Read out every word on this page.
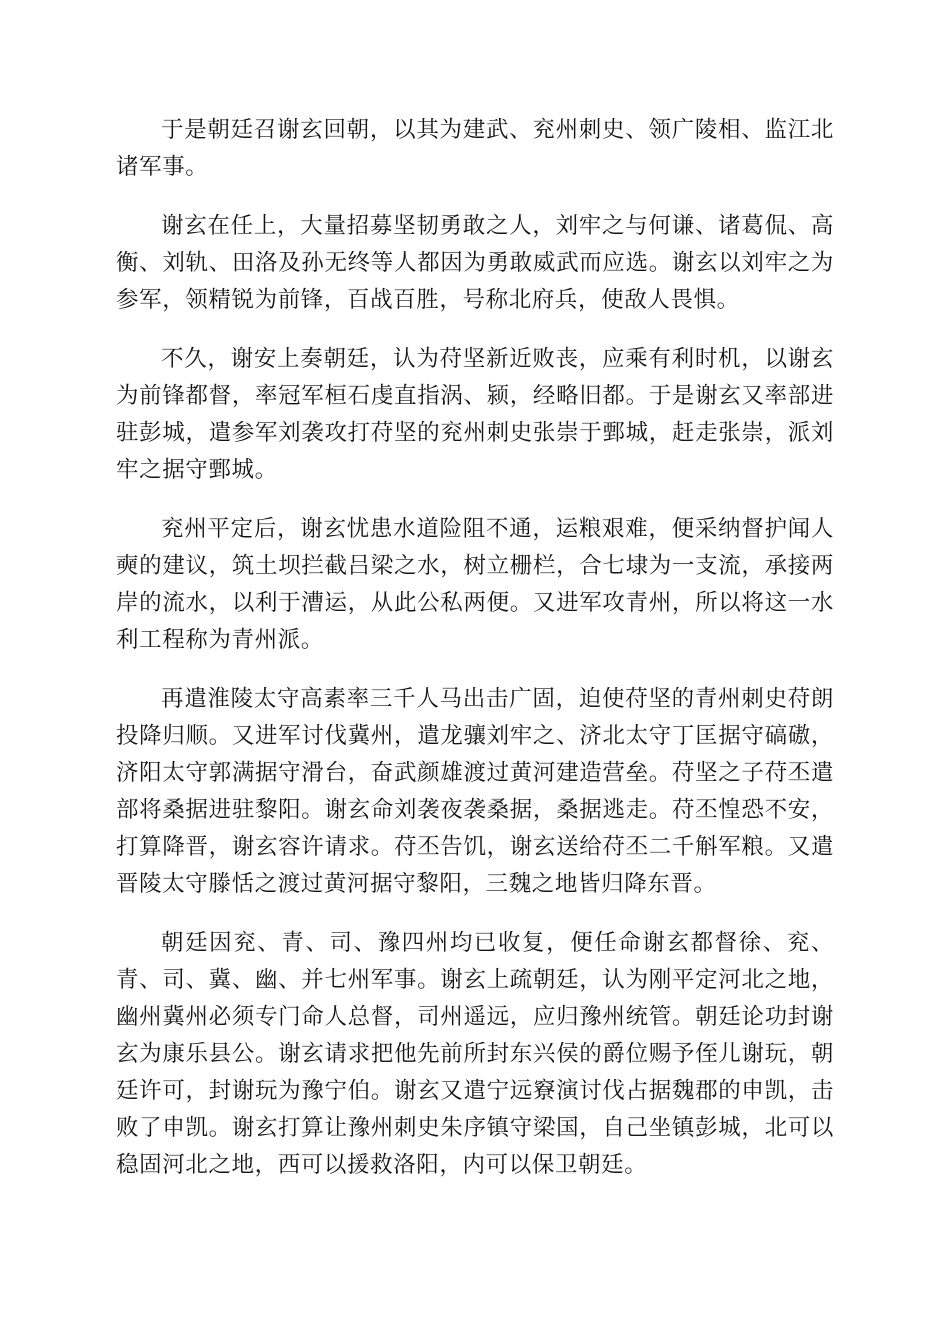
于是朝廷召谢玄回朝，以其为建武、兖州刺史、领广陵相、监江北诸军事。

谢玄在任上，大量招募坚韧勇敢之人，刘牢之与何谦、诸葛侃、高衡、刘轨、田洛及孙无终等人都因为勇敢威武而应选。谢玄以刘牢之为参军，领精锐为前锋，百战百胜，号称北府兵，使敌人畏惧。

不久，谢安上奏朝廷，认为苻坚新近败丧，应乘有利时机，以谢玄为前锋都督，率冠军桓石虔直指涡、颍，经略旧都。于是谢玄又率部进驻彭城，遣参军刘袭攻打苻坚的兖州刺史张崇于鄄城，赶走张崇，派刘牢之据守鄄城。

兖州平定后，谢玄忧患水道险阻不通，运粮艰难，便采纳督护闻人奭的建议，筑土坝拦截吕梁之水，树立栅栏，合七埭为一支流，承接两岸的流水，以利于漕运，从此公私两便。又进军攻青州，所以将这一水利工程称为青州派。

再遣淮陵太守高素率三千人马出击广固，迫使苻坚的青州刺史苻朗投降归顺。又进军讨伐冀州，遣龙骧刘牢之、济北太守丁匡据守碻磝，济阳太守郭满据守滑台，奋武颜雄渡过黄河建造营垒。苻坚之子苻丕遣部将桑据进驻黎阳。谢玄命刘袭夜袭桑据，桑据逃走。苻丕惶恐不安，打算降晋，谢玄容许请求。苻丕告饥，谢玄送给苻丕二千斛军粮。又遣晋陵太守滕恬之渡过黄河据守黎阳，三魏之地皆归降东晋。

朝廷因兖、青、司、豫四州均已收复，便任命谢玄都督徐、兖、青、司、冀、幽、并七州军事。谢玄上疏朝廷，认为刚平定河北之地，幽州冀州必须专门命人总督，司州遥远，应归豫州统管。朝廷论功封谢玄为康乐县公。谢玄请求把他先前所封东兴侯的爵位赐予侄儿谢玩，朝廷许可，封谢玩为豫宁伯。谢玄又遣宁远竂演讨伐占据魏郡的申凯，击败了申凯。谢玄打算让豫州刺史朱序镇守梁国，自己坐镇彭城，北可以稳固河北之地，西可以援救洛阳，内可以保卫朝廷。
